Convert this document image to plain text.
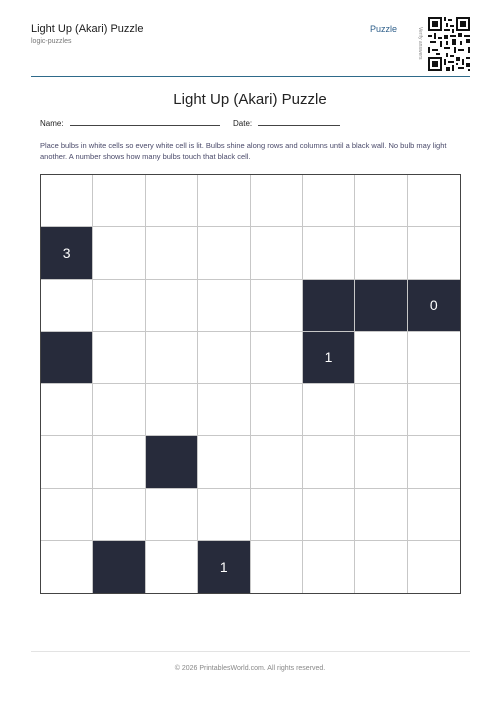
Light Up (Akari) Puzzle
logic-puzzles
Puzzle	Verify answers
Light Up (Akari) Puzzle
Name:	Date:
Place bulbs in white cells so every white cell is lit. Bulbs shine along rows and columns until a black wall. No bulb may light another. A number shows how many bulbs touch that black cell.
3
0
1
1
© 2026 PrintablesWorld.com. All rights reserved.
